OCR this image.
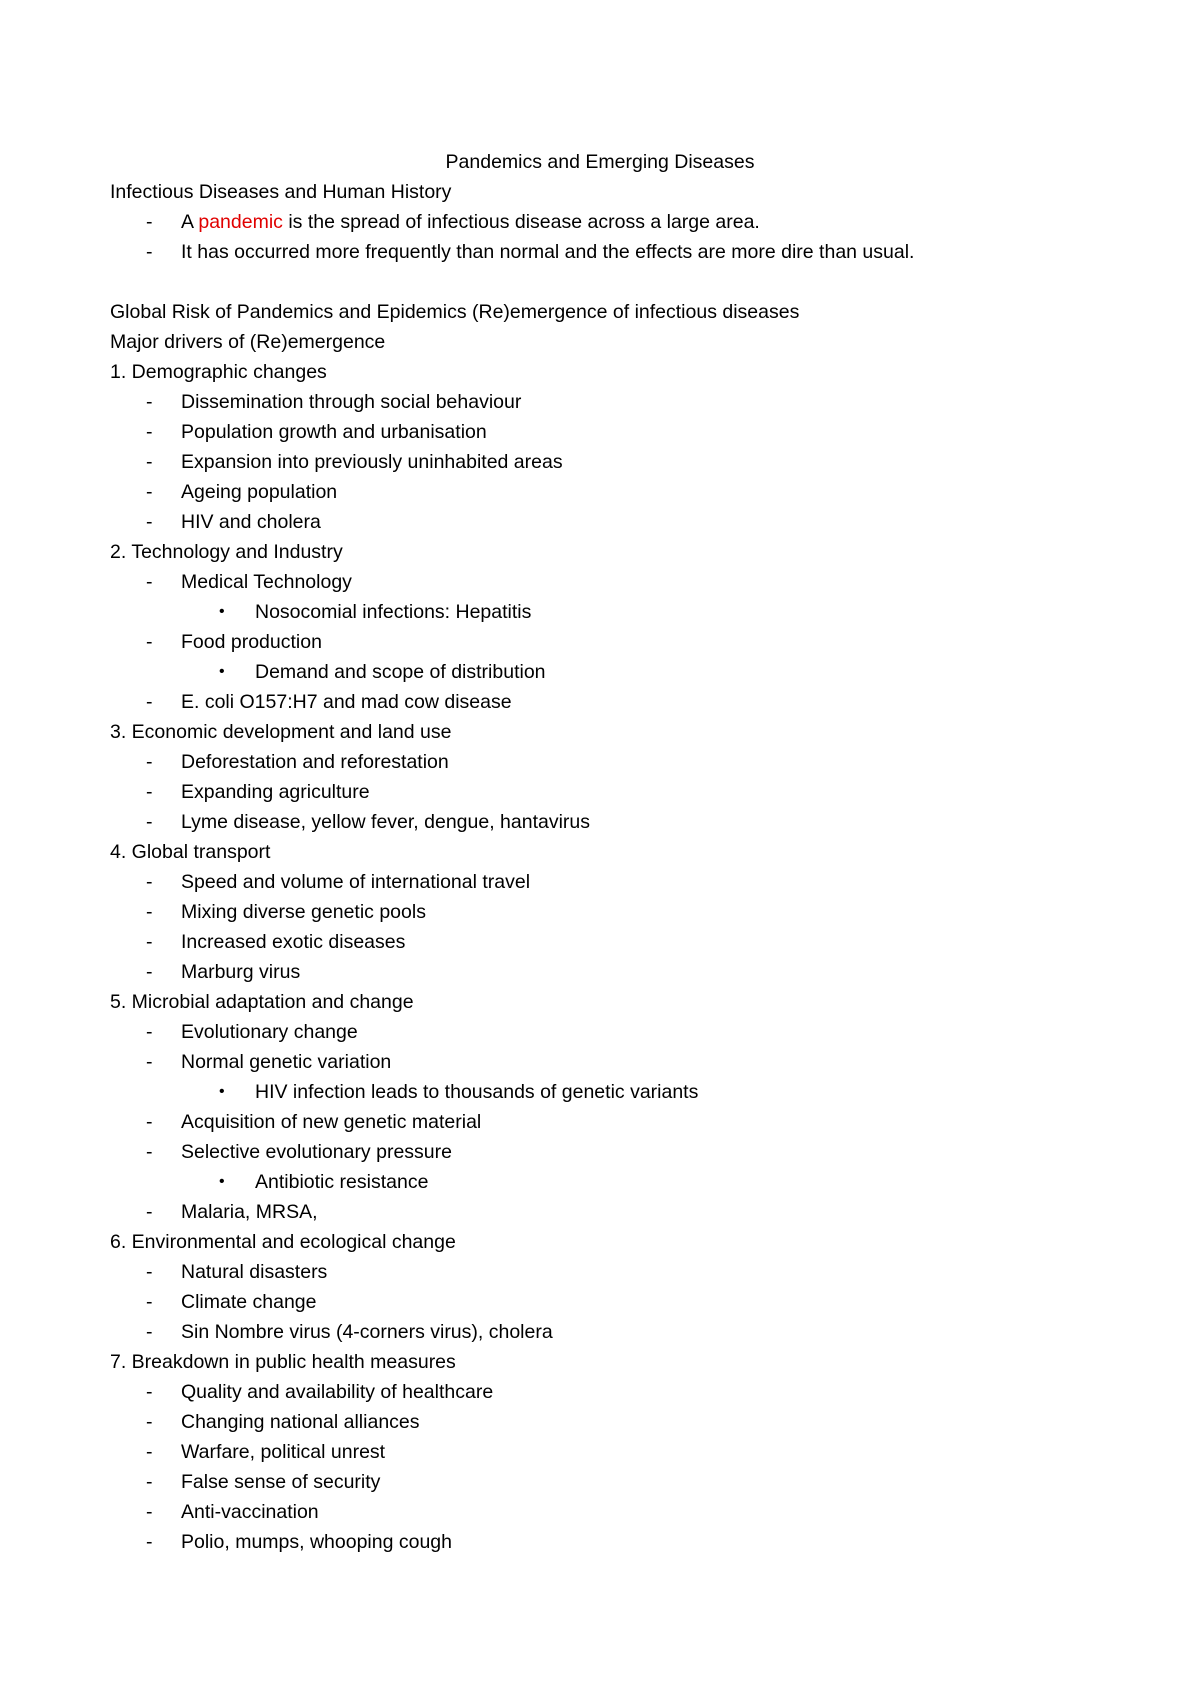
Pandemics and Emerging Diseases
Infectious Diseases and Human History
- A pandemic is the spread of infectious disease across a large area.
- It has occurred more frequently than normal and the effects are more dire than usual.
Global Risk of Pandemics and Epidemics (Re)emergence of infectious diseases
Major drivers of (Re)emergence
1. Demographic changes
- Dissemination through social behaviour
- Population growth and urbanisation
- Expansion into previously uninhabited areas
- Ageing population
- HIV and cholera
2. Technology and Industry
- Medical Technology
• Nosocomial infections: Hepatitis
- Food production
• Demand and scope of distribution
- E. coli O157:H7 and mad cow disease
3. Economic development and land use
- Deforestation and reforestation
- Expanding agriculture
- Lyme disease, yellow fever, dengue, hantavirus
4. Global transport
- Speed and volume of international travel
- Mixing diverse genetic pools
- Increased exotic diseases
- Marburg virus
5. Microbial adaptation and change
- Evolutionary change
- Normal genetic variation
• HIV infection leads to thousands of genetic variants
- Acquisition of new genetic material
- Selective evolutionary pressure
• Antibiotic resistance
- Malaria, MRSA,
6. Environmental and ecological change
- Natural disasters
- Climate change
- Sin Nombre virus (4-corners virus), cholera
7. Breakdown in public health measures
- Quality and availability of healthcare
- Changing national alliances
- Warfare, political unrest
- False sense of security
- Anti-vaccination
- Polio, mumps, whooping cough
